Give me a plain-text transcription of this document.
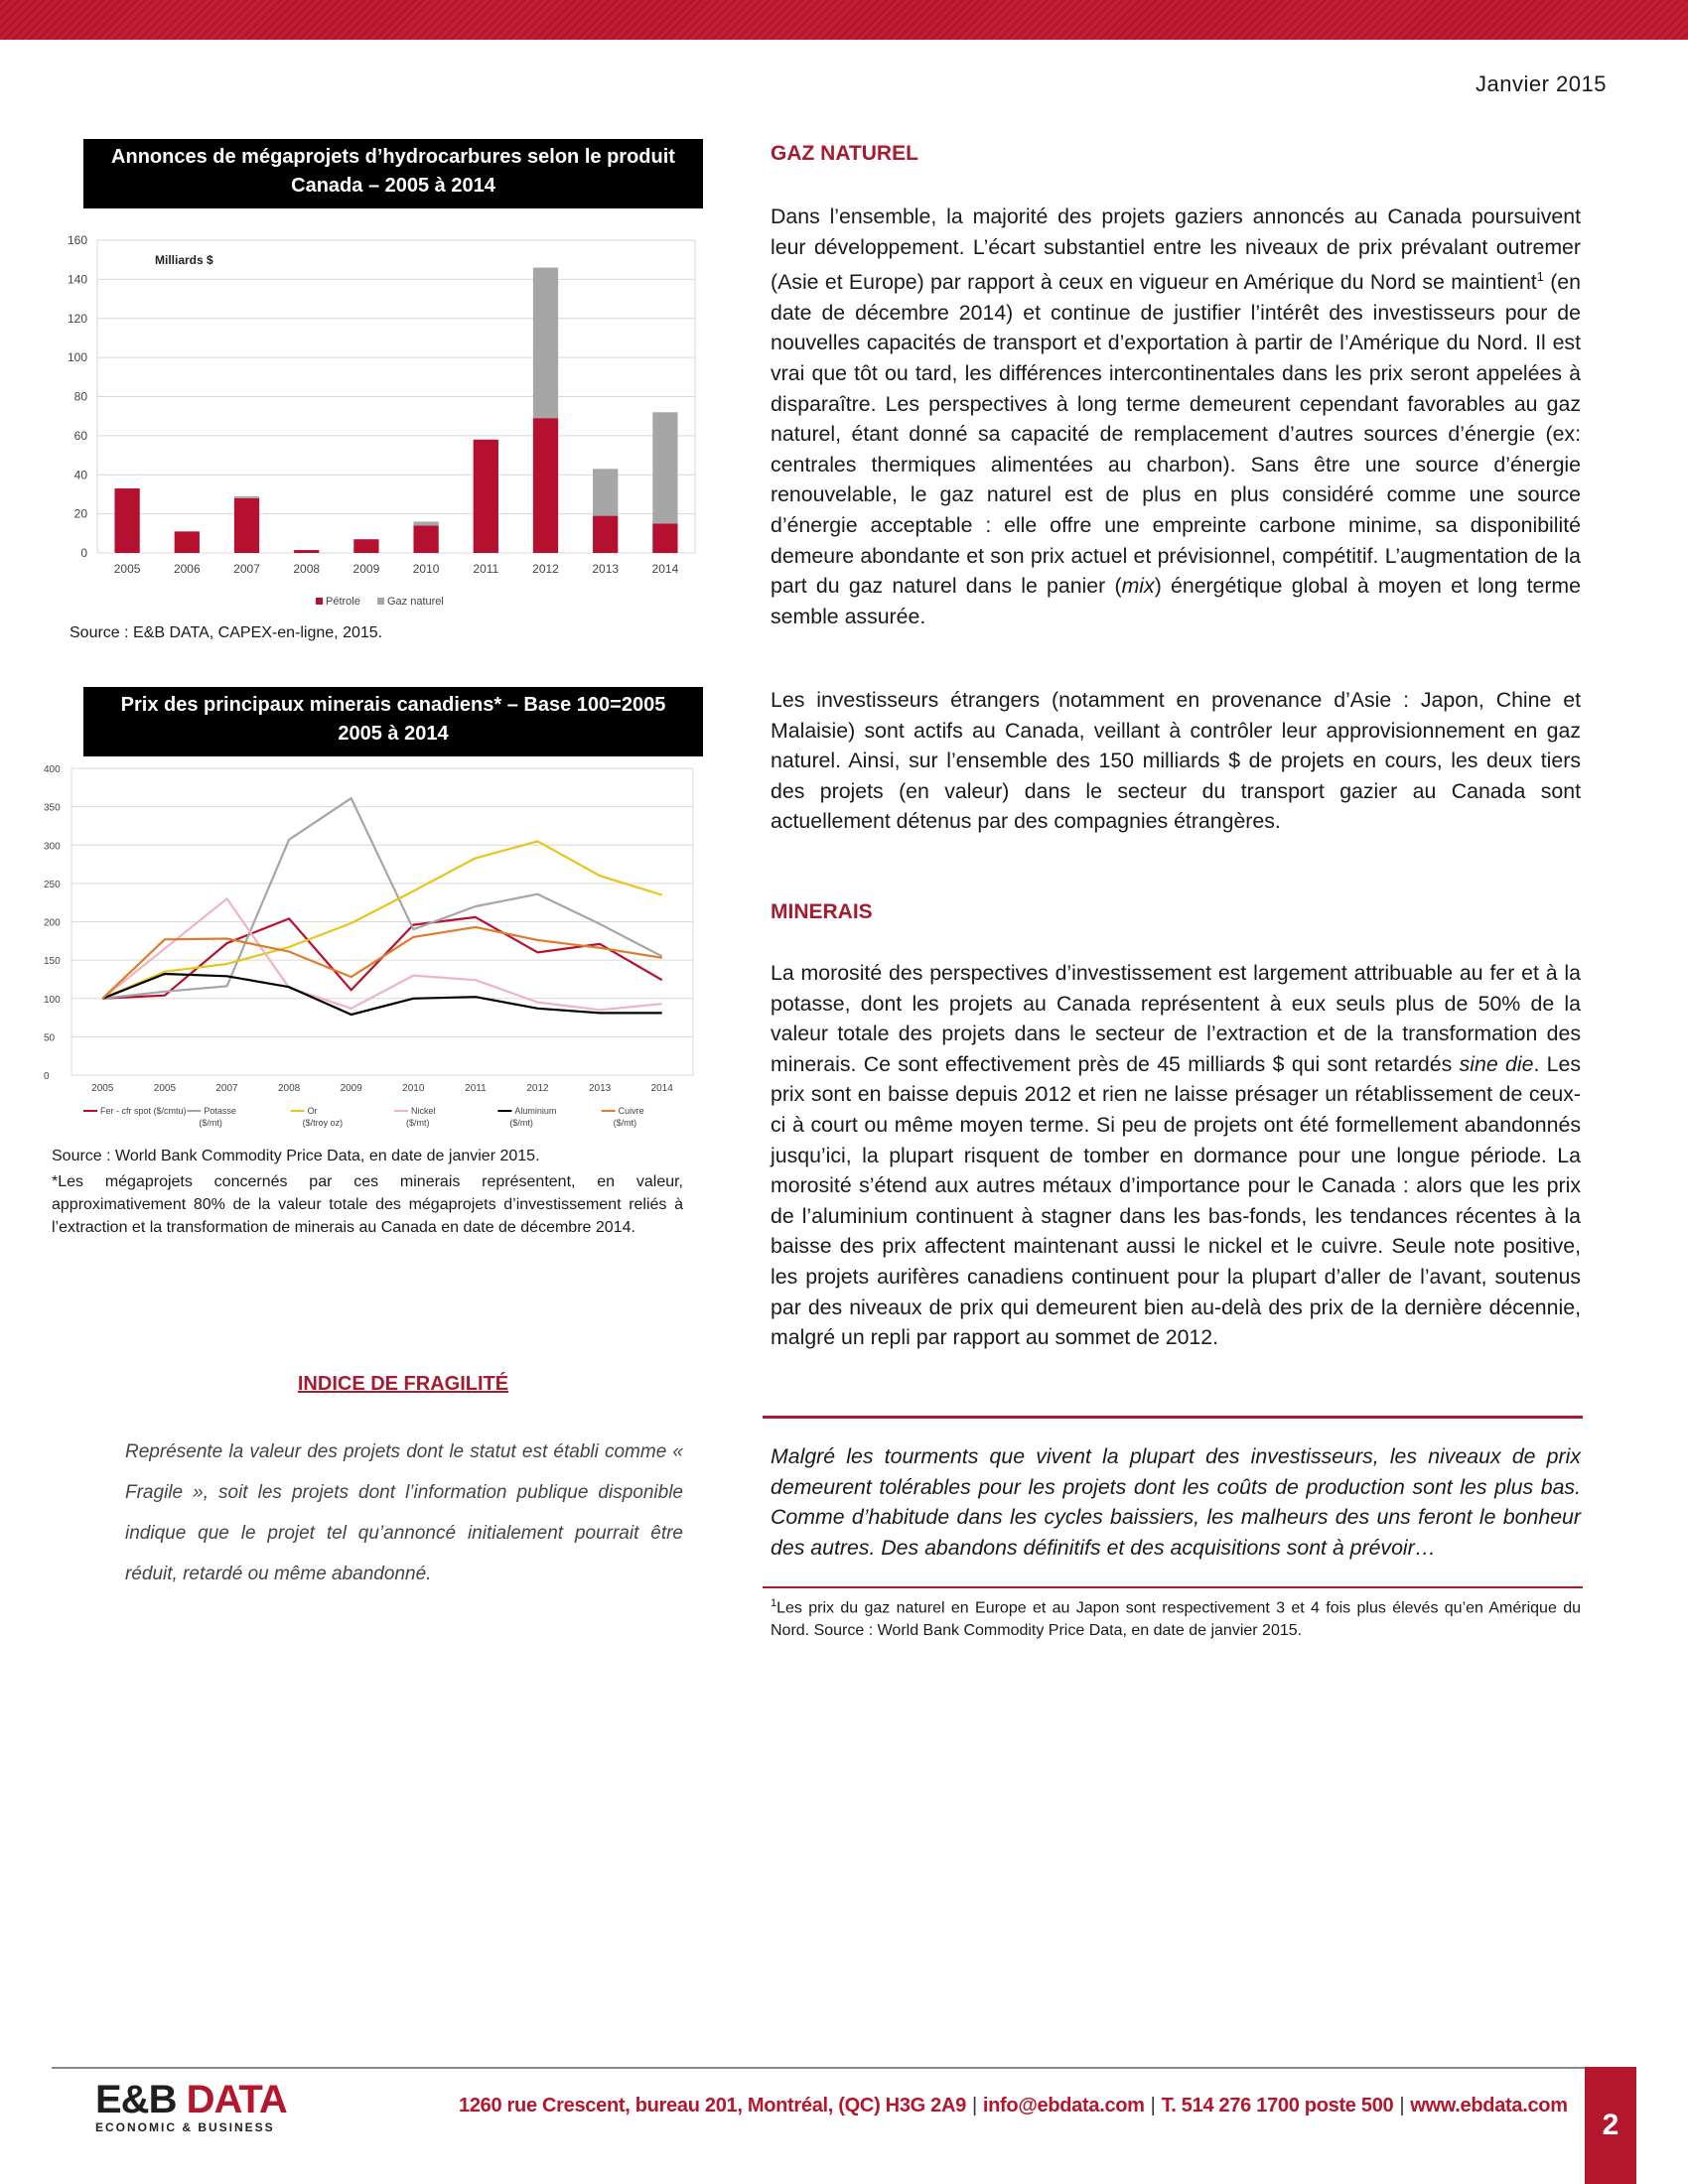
Janvier 2015
Annonces de mégaprojets d’hydrocarbures selon le produit
Canada – 2005 à 2014
0
20
40
60
80
100
120
140
160
Milliards $
2005	2006	2007	2008	2009	2010	2011	2012	2013	2014
Pétrole Gaz naturel
Source : E&B DATA, CAPEX-en-ligne, 2015.
Prix des principaux minerais canadiens* – Base 100=2005
2005 à 2014
0
50
100
150
200
250
300
350
400
2005	2005	2007	2008	2009	2010	2011	2012	2013	2014
Fer - cfr spot ($/cmtu) Potasse
($/mt)
Or
($/troy oz)
Nickel
($/mt)
Aluminium
($/mt)
Cuivre
($/mt)
Source : World Bank Commodity Price Data, en date de janvier 2015.
*Les mégaprojets concernés par ces minerais représentent, en valeur, approximativement 80% de la valeur totale des mégaprojets d’investissement reliés à l’extraction et la transformation de minerais au Canada en date de décembre 2014.
INDICE DE FRAGILITÉ
Représente la valeur des projets dont le statut est établi comme « Fragile », soit les projets dont l’information publique disponible indique que le projet tel qu’annoncé initialement pourrait être réduit, retardé ou même abandonné.
GAZ NATUREL
Dans l’ensemble, la majorité des projets gaziers annoncés au Canada poursuivent leur développement. L’écart substantiel entre les niveaux de prix prévalant outremer (Asie et Europe) par rapport à ceux en vigueur en Amérique du Nord se maintient$^1$ (en date de décembre 2014) et continue de justifier l’intérêt des investisseurs pour de nouvelles capacités de transport et d’exportation à partir de l’Amérique du Nord. Il est vrai que tôt ou tard, les différences intercontinentales dans les prix seront appelées à disparaître. Les perspectives à long terme demeurent cependant favorables au gaz naturel, étant donné sa capacité de remplacement d’autres sources d’énergie (ex: centrales thermiques alimentées au charbon). Sans être une source d’énergie renouvelable, le gaz naturel est de plus en plus considéré comme une source d’énergie acceptable : elle offre une empreinte carbone minime, sa disponibilité demeure abondante et son prix actuel et prévisionnel, compétitif. L’augmentation de la part du gaz naturel dans le panier (mix) énergétique global à moyen et long terme semble assurée.
Les investisseurs étrangers (notamment en provenance d’Asie : Japon, Chine et Malaisie) sont actifs au Canada, veillant à contrôler leur approvisionnement en gaz naturel. Ainsi, sur l’ensemble des 150 milliards $ de projets en cours, les deux tiers des projets (en valeur) dans le secteur du transport gazier au Canada sont actuellement détenus par des compagnies étrangères.
MINERAIS
La morosité des perspectives d’investissement est largement attribuable au fer et à la potasse, dont les projets au Canada représentent à eux seuls plus de 50% de la valeur totale des projets dans le secteur de l’extraction et de la transformation des minerais. Ce sont effectivement près de 45 milliards $ qui sont retardés sine die. Les prix sont en baisse depuis 2012 et rien ne laisse présager un rétablissement de ceux-ci à court ou même moyen terme. Si peu de projets ont été formellement abandonnés jusqu’ici, la plupart risquent de tomber en dormance pour une longue période. La morosité s’étend aux autres métaux d’importance pour le Canada : alors que les prix de l’aluminium continuent à stagner dans les bas-fonds, les tendances récentes à la baisse des prix affectent maintenant aussi le nickel et le cuivre. Seule note positive, les projets aurifères canadiens continuent pour la plupart d’aller de l’avant, soutenus par des niveaux de prix qui demeurent bien au-delà des prix de la dernière décennie, malgré un repli par rapport au sommet de 2012.
Malgré les tourments que vivent la plupart des investisseurs, les niveaux de prix demeurent tolérables pour les projets dont les coûts de production sont les plus bas. Comme d’habitude dans les cycles baissiers, les malheurs des uns feront le bonheur des autres. Des abandons définitifs et des acquisitions sont à prévoir…
$^1$Les prix du gaz naturel en Europe et au Japon sont respectivement 3 et 4 fois plus élevés qu’en Amérique du Nord. Source : World Bank Commodity Price Data, en date de janvier 2015.
E&B DATA
ECONOMIC & BUSINESS
1260 rue Crescent, bureau 201, Montréal, (QC) H3G 2A9 | info@ebdata.com | T. 514 276 1700 poste 500 | www.ebdata.com
2
